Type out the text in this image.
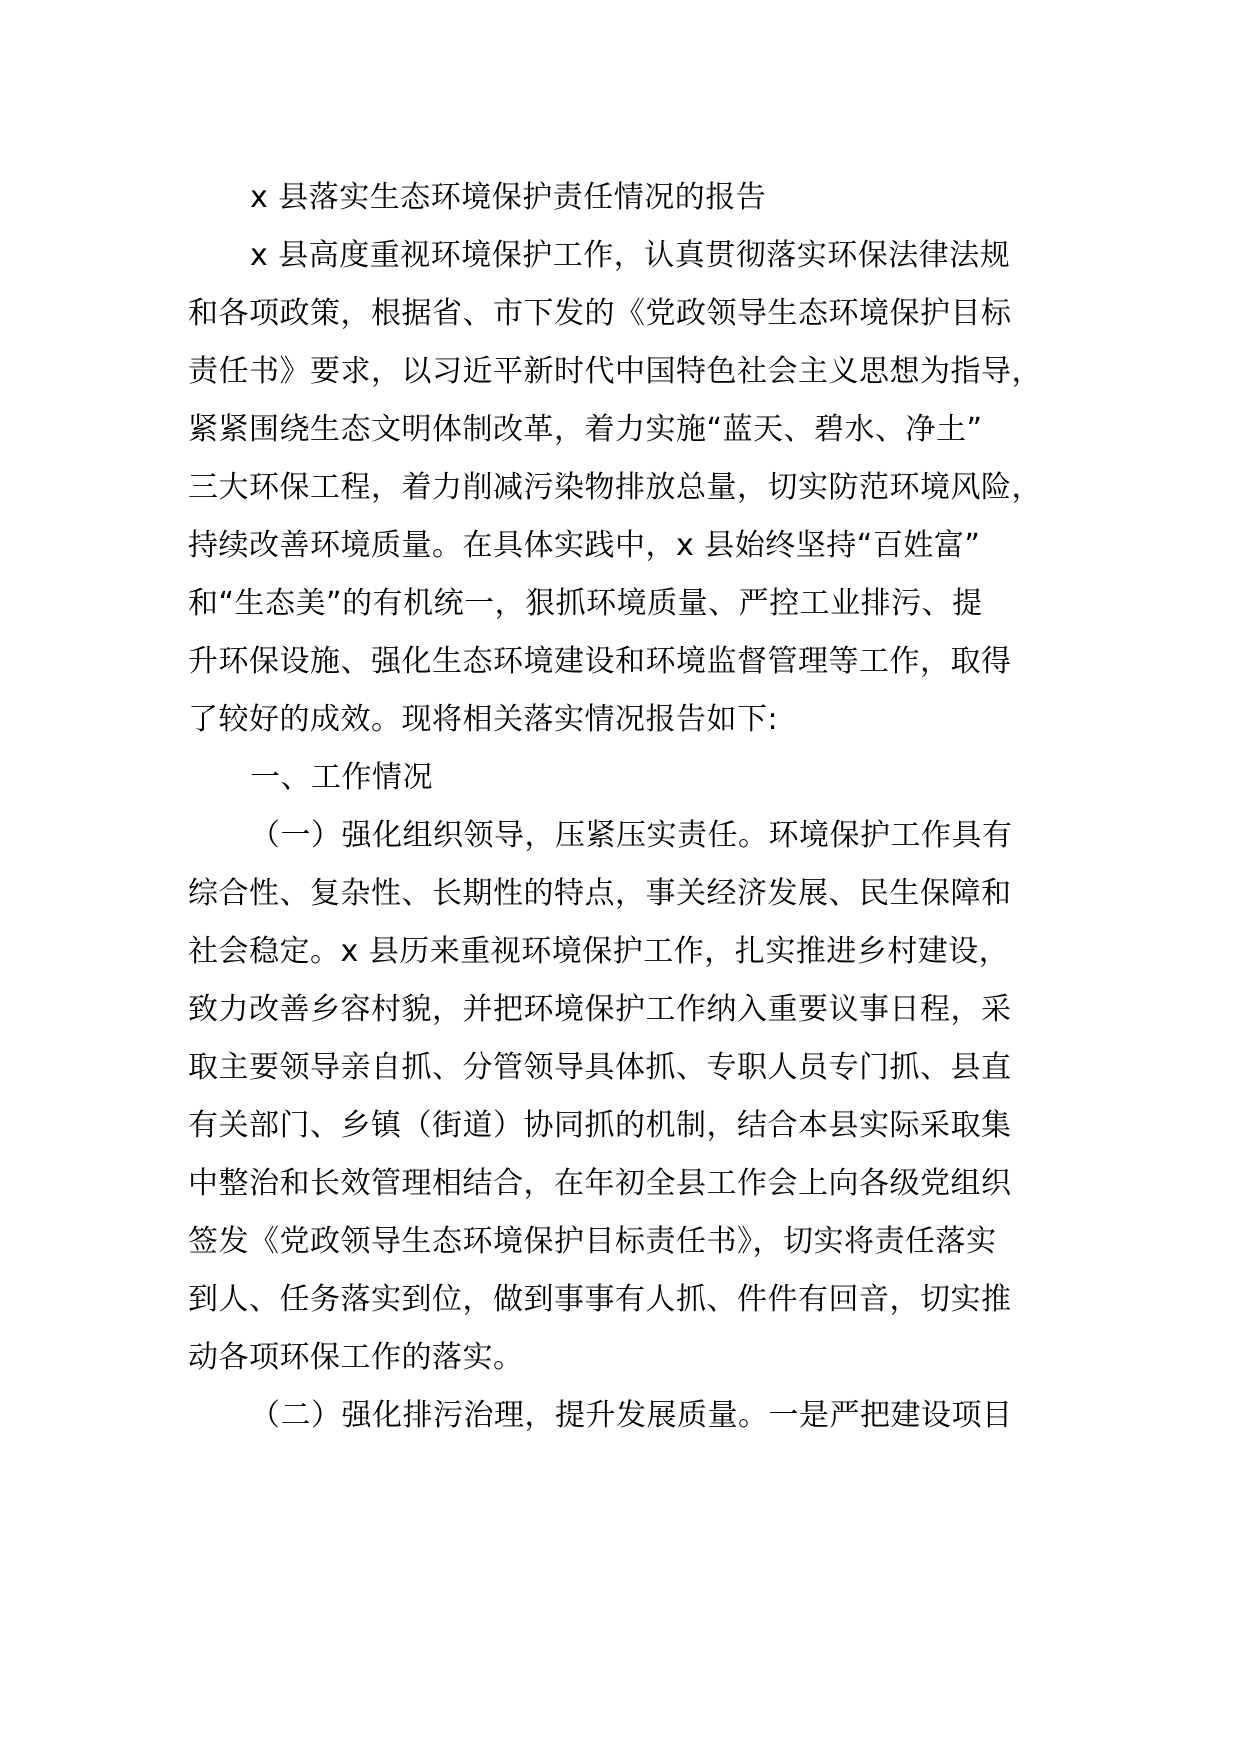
x 县落实生态环境保护责任情况的报告
x 县高度重视环境保护工作，认真贯彻落实环保法律法规
和各项政策，根据省、市下发的《党政领导生态环境保护目标
责任书》要求，以习近平新时代中国特色社会主义思想为指导，
紧紧围绕生态文明体制改革，着力实施“蓝天、碧水、净土”
三大环保工程，着力削减污染物排放总量，切实防范环境风险，
持续改善环境质量。在具体实践中，x 县始终坚持“百姓富”
和“生态美”的有机统一，狠抓环境质量、严控工业排污、提
升环保设施、强化生态环境建设和环境监督管理等工作，取得
了较好的成效。现将相关落实情况报告如下:
一、工作情况
（一）强化组织领导，压紧压实责任。环境保护工作具有
综合性、复杂性、长期性的特点，事关经济发展、民生保障和
社会稳定。x 县历来重视环境保护工作，扎实推进乡村建设，
致力改善乡容村貌，并把环境保护工作纳入重要议事日程，采
取主要领导亲自抓、分管领导具体抓、专职人员专门抓、县直
有关部门、乡镇（街道）协同抓的机制，结合本县实际采取集
中整治和长效管理相结合，在年初全县工作会上向各级党组织
签发《党政领导生态环境保护目标责任书》，切实将责任落实
到人、任务落实到位，做到事事有人抓、件件有回音，切实推
动各项环保工作的落实。
（二）强化排污治理，提升发展质量。一是严把建设项目
